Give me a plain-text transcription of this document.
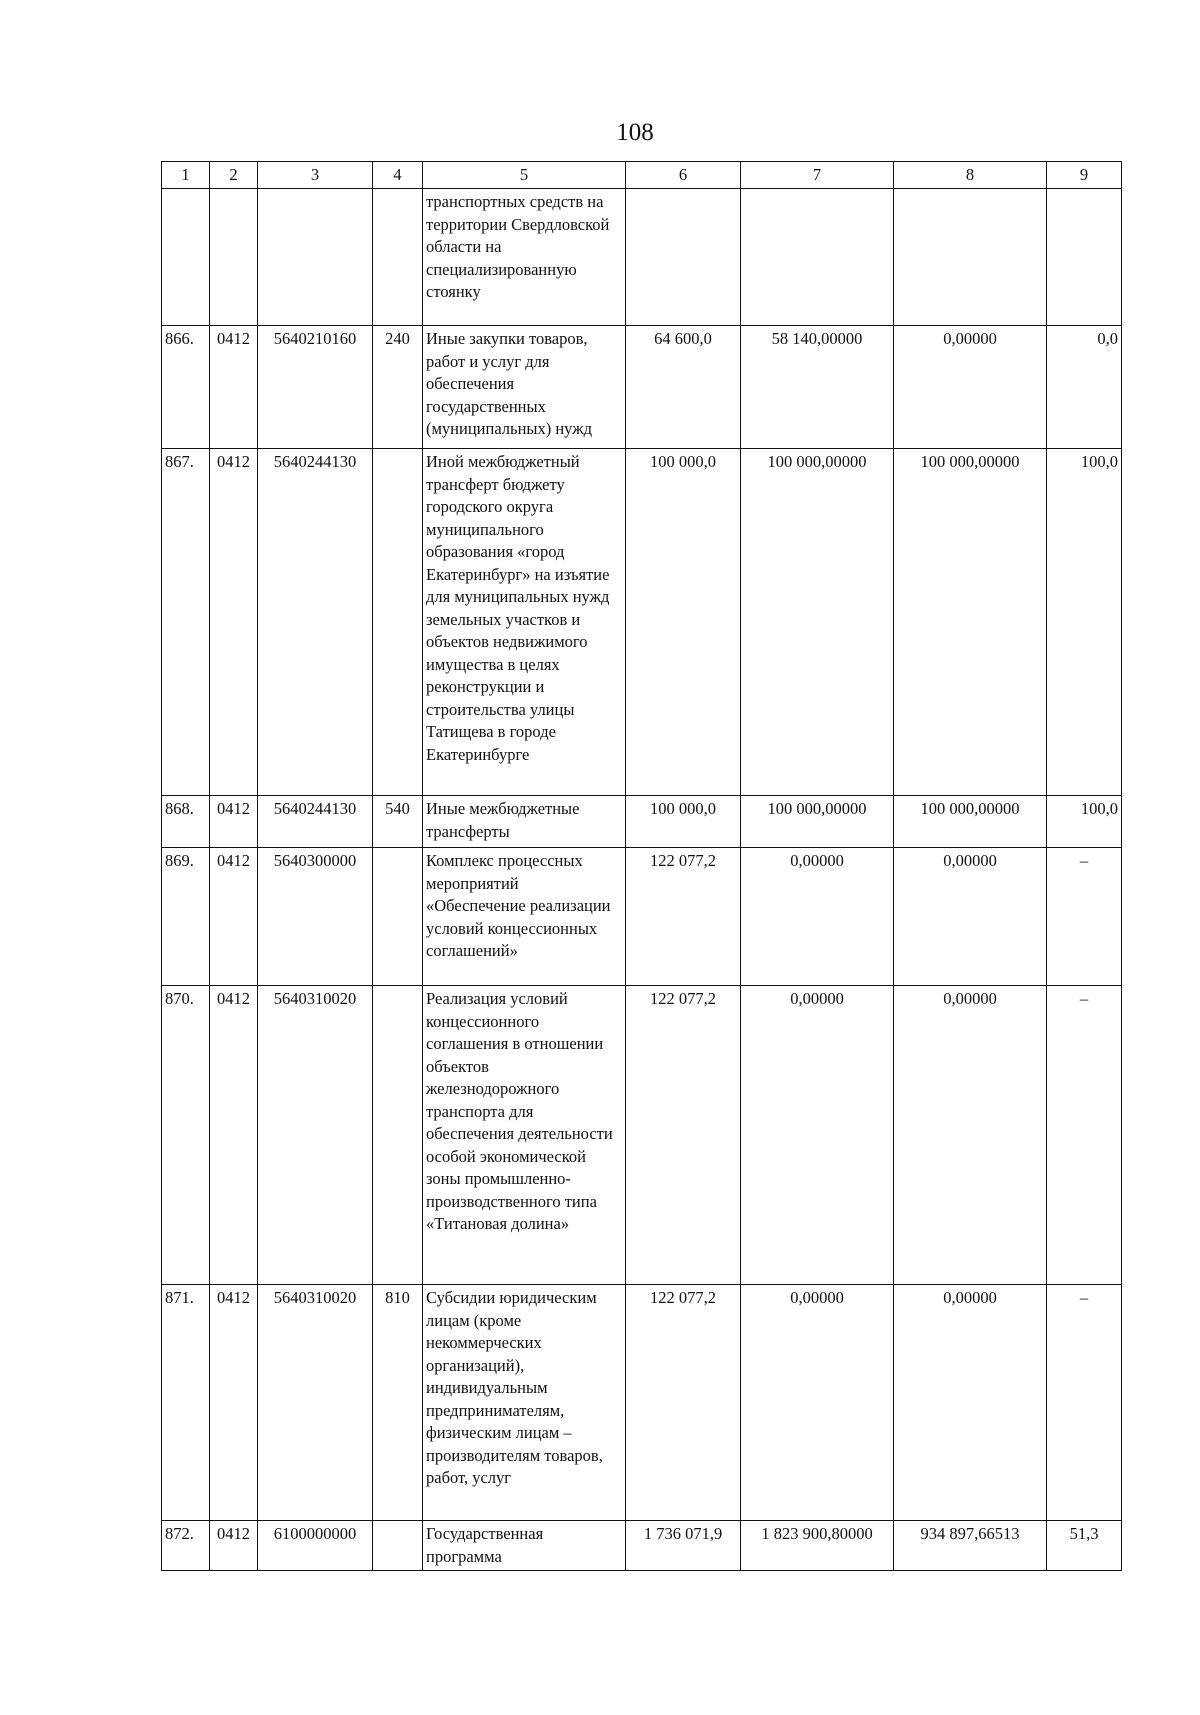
108
1	2	3	4	5	6	7	8	9
				транспортных средств на территории Свердловской области на специализированную стоянку				
866.	0412	5640210160	240	Иные закупки товаров, работ и услуг для обеспечения государственных (муниципальных) нужд	64 600,0	58 140,00000	0,00000	0,0
867.	0412	5640244130		Иной межбюджетный трансферт бюджету городского округа муниципального образования «город Екатеринбург» на изъятие для муниципальных нужд земельных участков и объектов недвижимого имущества в целях реконструкции и строительства улицы Татищева в городе Екатеринбурге	100 000,0	100 000,00000	100 000,00000	100,0
868.	0412	5640244130	540	Иные межбюджетные трансферты	100 000,0	100 000,00000	100 000,00000	100,0
869.	0412	5640300000		Комплекс процессных мероприятий «Обеспечение реализации условий концессионных соглашений»	122 077,2	0,00000	0,00000	–
870.	0412	5640310020		Реализация условий концессионного соглашения в отношении объектов железнодорожного транспорта для обеспечения деятельности особой экономической зоны промышленно-производственного типа «Титановая долина»	122 077,2	0,00000	0,00000	–
871.	0412	5640310020	810	Субсидии юридическим лицам (кроме некоммерческих организаций), индивидуальным предпринимателям, физическим лицам – производителям товаров, работ, услуг	122 077,2	0,00000	0,00000	–
872.	0412	6100000000		Государственная программа	1 736 071,9	1 823 900,80000	934 897,66513	51,3
